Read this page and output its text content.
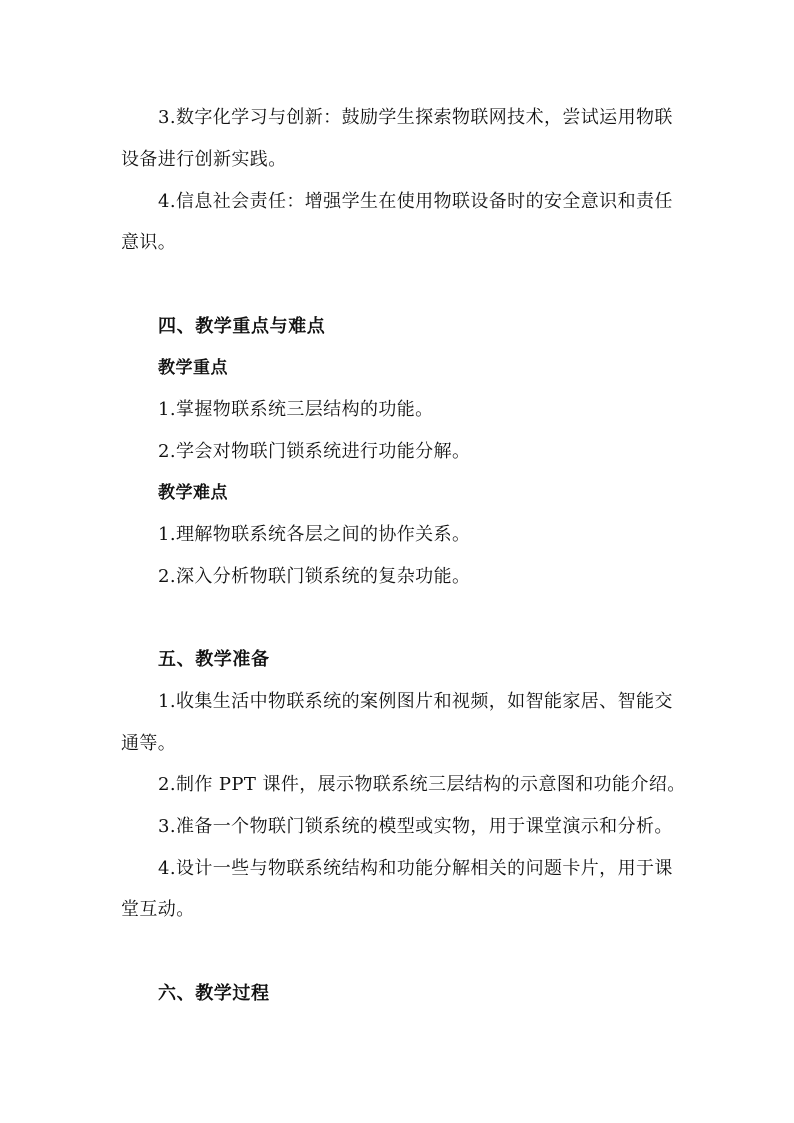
3.数字化学习与创新：鼓励学生探索物联网技术，尝试运用物联
设备进行创新实践。
4.信息社会责任：增强学生在使用物联设备时的安全意识和责任
意识。
四、教学重点与难点
教学重点
1.掌握物联系统三层结构的功能。
2.学会对物联门锁系统进行功能分解。
教学难点
1.理解物联系统各层之间的协作关系。
2.深入分析物联门锁系统的复杂功能。
五、教学准备
1.收集生活中物联系统的案例图片和视频，如智能家居、智能交
通等。
2.制作 PPT 课件，展示物联系统三层结构的示意图和功能介绍。
3.准备一个物联门锁系统的模型或实物，用于课堂演示和分析。
4.设计一些与物联系统结构和功能分解相关的问题卡片，用于课
堂互动。
六、教学过程
